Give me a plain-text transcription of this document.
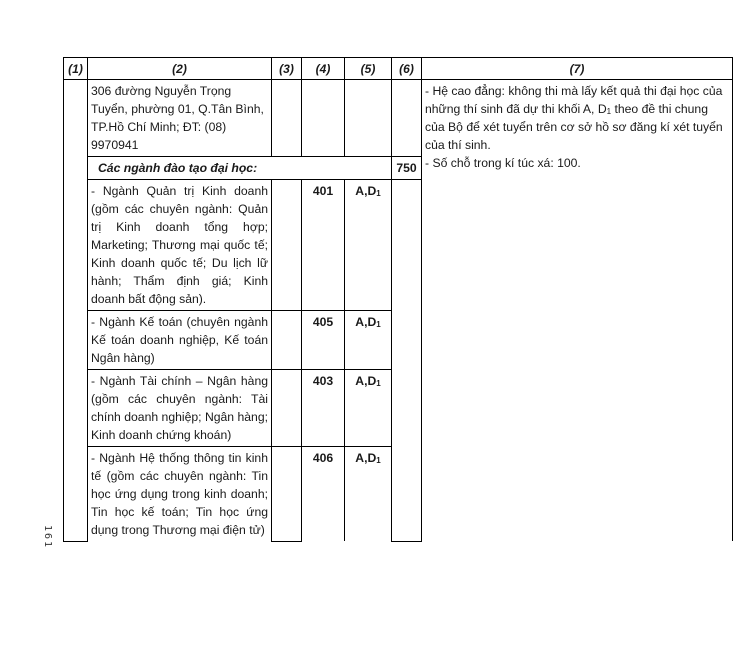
161
(1)	(2)	(3)	(4)	(5)	(6)	(7)
	306 đường Nguyễn Trọng Tuyển, phường 01, Q.Tân Bình, TP.Hồ Chí Minh; ĐT: (08) 9970941					- Hệ cao đẳng: không thi mà lấy kết quả thi đại học của những thí sinh đã dự thi khối A, $D_1$ theo đề thi chung của Bộ để xét tuyển trên cơ sở hồ sơ đăng kí xét tuyển của thí sinh.
- Số chỗ trong kí túc xá: 100.

	Các ngành đào tạo đại học:				750	
	- Ngành Quản trị Kinh doanh (gồm các chuyên ngành: Quản trị Kinh doanh tổng hợp; Marketing; Thương mại quốc tế; Kinh doanh quốc tế; Du lịch lữ hành; Thẩm định giá; Kinh doanh bất động sản).		401	$A,D_1$		
	- Ngành Kế toán (chuyên ngành Kế toán doanh nghiệp, Kế toán Ngân hàng)		405	$A,D_1$
	- Ngành Tài chính – Ngân hàng (gồm các chuyên ngành: Tài chính doanh nghiệp; Ngân hàng; Kinh doanh chứng khoán)		403	$A,D_1$
	- Ngành Hệ thống thông tin kinh tế (gồm các chuyên ngành: Tin học ứng dụng trong kinh doanh; Tin học kế toán; Tin học ứng dụng trong Thương mại điện tử)		406	$A,D_1$
